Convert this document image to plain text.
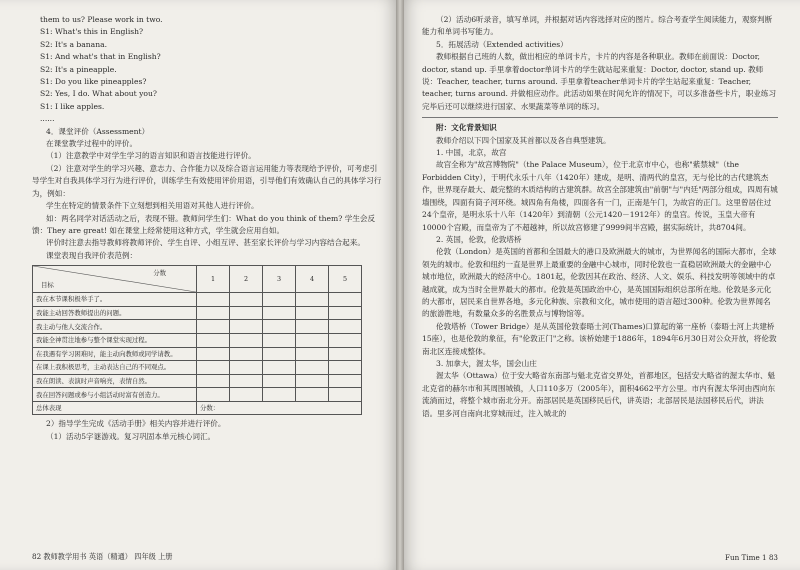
them to us? Please work in two.

S1: What's this in English?

S2: It's a banana.

S1: And what's that in English?

S2: It's a pineapple.

S1: Do you like pineapples?

S2: Yes, I do. What about you?

S1: I like apples.

......

4．课堂评价（Assessment）

在课堂教学过程中的评价。

（1）注意教学中对学生学习的语言知识和语言技能进行评价。

（2）注意对学生的学习兴趣、意志力、合作能力以及综合语言运用能力等表现给予评价，可考虑引导学生对自我具体学习行为进行评价，训练学生有效使用评价用语，引导他们有效确认自己的具体学习行为，例如：

学生在特定的情景条件下立刻想到相关用语对其他人进行评价。

如：两名同学对话活动之后，表现不错。教师问学生们：What do you think of them? 学生会反馈：They are great! 如在课堂上经常使用这种方式，学生就会应用自如。

评价时注意去指导教师将教师评价、学生自评、小组互评、甚至家长评价与学习内容结合起来。

课堂表现自我评价表范例：

分数
目标	1	2	3	4	5
我在本节课积极举手了。					
我能主动回答教师提出的问题。					
我主动与他人交流合作。					
我能全神贯注地参与整个课堂实现过程。					
在我遇有学习困难时，能主动向教师或同学请教。					
在课上我积极思考，主动表达自己的不同观点。					
我在朗读、表演时声音响亮，表情自然。					
我在回答问题或参与小组活动时富有创造力。					
总体表现	分数：				

2）指导学生完成《活动手册》相关内容并进行评价。

（1）活动5字谜游戏。复习巩固本单元核心词汇。

82 教师教学用书 英语（精通） 四年级 上册

（2）活动6听录音，填写单词，并根据对话内容选择对应的图片。综合考查学生阅读能力，观察判断能力和单词书写能力。

5．拓展活动（Extended activities）

教师根据自己班的人数，做出相应的单词卡片，卡片的内容是各种职业。教师在前面说：Doctor, doctor, stand up. 手里拿着doctor单词卡片的学生就站起来重复：Doctor, doctor, stand up. 教师说：Teacher, teacher, turns around. 手里拿着teacher单词卡片的学生站起来重复：Teacher, teacher, turns around. 并做相应动作。此活动如果在时间允许的情况下，可以多准备些卡片，职业练习完毕后还可以继续进行国家、水果蔬菜等单词的练习。

附：文化背景知识

教师介绍以下四个国家及其首都以及各自典型建筑。

1. 中国，北京，故宫

故宫全称为"故宫博物院"（the Palace Museum），位于北京市中心，也称"紫禁城"（the Forbidden City），于明代永乐十八年（1420年）建成，是明、清两代的皇宫，无与伦比的古代建筑杰作，世界现存最大、最完整的木质结构的古建筑群。故宫全部建筑由"前朝"与"内廷"两部分组成，四周有城墙围绕，四面有筒子河环绕。城四角有角楼，四面各有一门，正南是午门，为故宫的正门。这里曾居住过24个皇帝，是明永乐十八年（1420年）到清朝（公元1420－1912年）的皇宫。传说，玉皇大帝有10000个宫殿，而皇帝为了不超越神，所以故宫修建了9999间半宫殿，据实际统计，共8704间。

2. 英国，伦敦，伦敦塔桥

伦敦（London）是英国的首都和全国最大的港口及欧洲最大的城市，为世界闻名的国际大都市，全球领先的城市。伦敦和纽约一直是世界上最重要的金融中心城市，同时伦敦也一直稳居欧洲最大的金融中心城市地位，欧洲最大的经济中心。1801起，伦敦因其在政治、经济、人文、娱乐、科技发明等领域中的卓越成就，成为当时全世界最大的都市。伦敦是英国政治中心，是英国国际组织总部所在地。伦敦是多元化的大都市，居民来自世界各地，多元化种族、宗教和文化，城市使用的语言超过300种。伦敦为世界闻名的旅游胜地，有数量众多的名胜景点与博物馆等。

伦敦塔桥（Tower Bridge）是从英国伦敦泰晤士河(Thames)口算起的第一座桥（泰晤士河上共建桥15座），也是伦敦的象征，有"伦敦正门"之称。该桥始建于1886年，1894年6月30日对公众开放，将伦敦南北区连接成整体。

3. 加拿大，渥太华，国会山庄

渥太华（Ottawa）位于安大略省东南部与魁北克省交界处，首都地区，包括安大略省的渥太华市、魁北克省的赫尔市和其周围城镇，人口110多万（2005年），面积4662平方公里。市内有渥太华河由西向东流淌而过，将整个城市南北分开。南部居民是英国移民后代，讲英语；北部居民是法国移民后代，讲法语。里多河自南向北穿城而过，注入城北的

Fun Time 1 83
